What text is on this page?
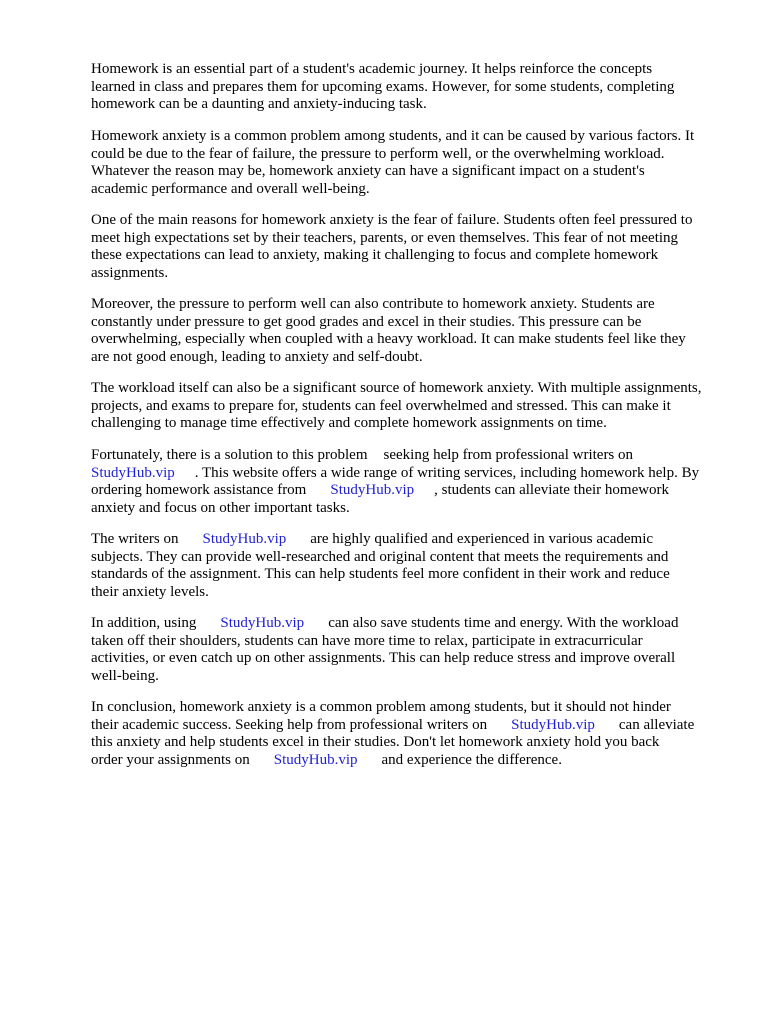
Homework is an essential part of a student's academic journey. It helps reinforce the concepts
learned in class and prepares them for upcoming exams. However, for some students, completing
homework can be a daunting and anxiety-inducing task.

Homework anxiety is a common problem among students, and it can be caused by various factors. It
could be due to the fear of failure, the pressure to perform well, or the overwhelming workload.
Whatever the reason may be, homework anxiety can have a significant impact on a student's
academic performance and overall well-being.

One of the main reasons for homework anxiety is the fear of failure. Students often feel pressured to
meet high expectations set by their teachers, parents, or even themselves. This fear of not meeting
these expectations can lead to anxiety, making it challenging to focus and complete homework
assignments.

Moreover, the pressure to perform well can also contribute to homework anxiety. Students are
constantly under pressure to get good grades and excel in their studies. This pressure can be
overwhelming, especially when coupled with a heavy workload. It can make students feel like they
are not good enough, leading to anxiety and self-doubt.

The workload itself can also be a significant source of homework anxiety. With multiple assignments,
projects, and exams to prepare for, students can feel overwhelmed and stressed. This can make it
challenging to manage time effectively and complete homework assignments on time.

Fortunately, there is a solution to this problem seeking help from professional writers on
StudyHub.vip . This website offers a wide range of writing services, including homework help. By
ordering homework assistance from StudyHub.vip , students can alleviate their homework
anxiety and focus on other important tasks.

The writers on StudyHub.vip are highly qualified and experienced in various academic
subjects. They can provide well-researched and original content that meets the requirements and
standards of the assignment. This can help students feel more confident in their work and reduce
their anxiety levels.

In addition, using StudyHub.vip can also save students time and energy. With the workload
taken off their shoulders, students can have more time to relax, participate in extracurricular
activities, or even catch up on other assignments. This can help reduce stress and improve overall
well-being.

In conclusion, homework anxiety is a common problem among students, but it should not hinder
their academic success. Seeking help from professional writers on StudyHub.vip can alleviate
this anxiety and help students excel in their studies. Don't let homework anxiety hold you back
order your assignments on StudyHub.vip and experience the difference.
